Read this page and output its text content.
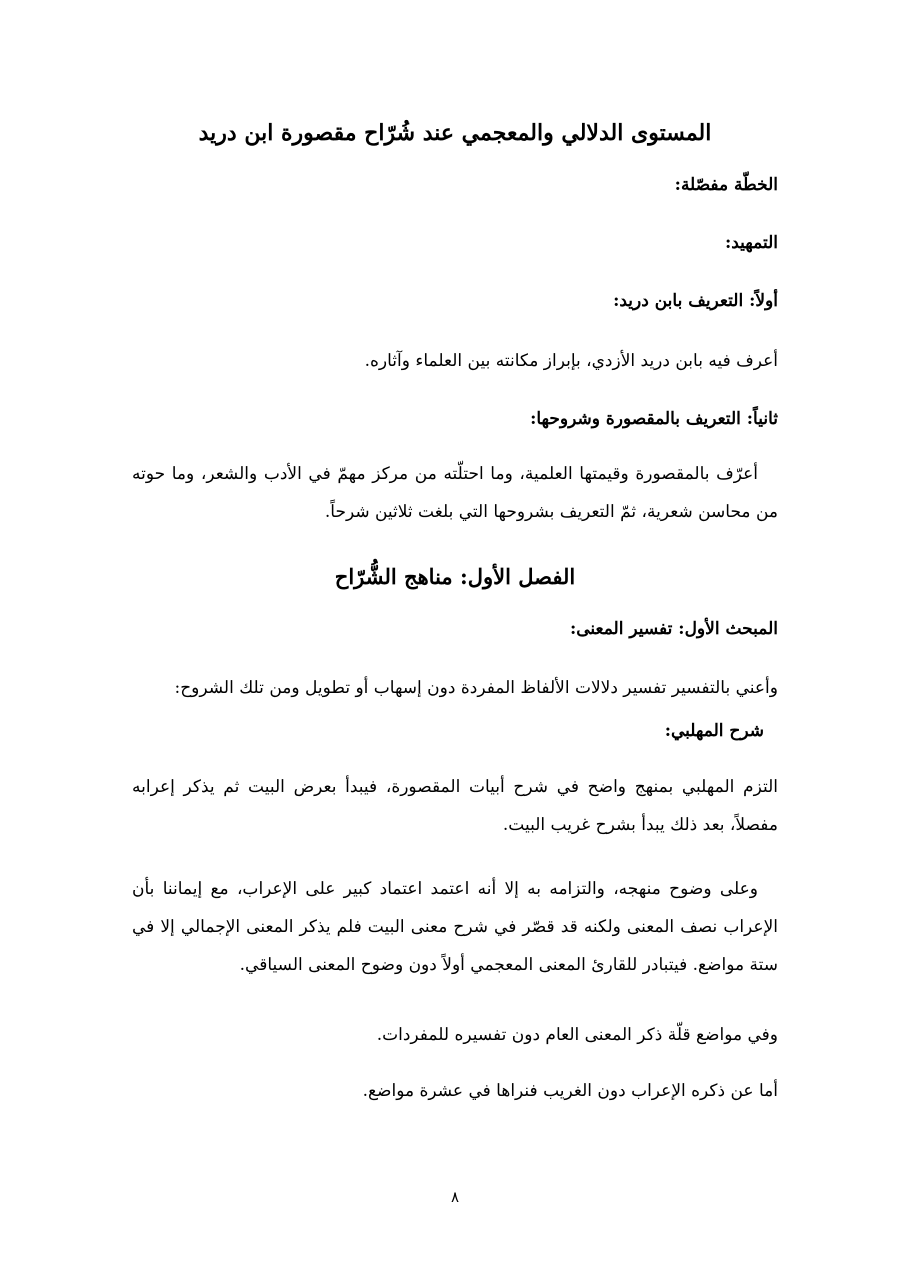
المستوى الدلالي والمعجمي عند شُرّاح مقصورة ابن دريد
الخطّة مفصّلة:
التمهيد:
أولاً: التعريف بابن دريد:
أعرف فيه بابن دريد الأزدي، بإبراز مكانته بين العلماء وآثاره.
ثانياً: التعريف بالمقصورة وشروحها:
أعرّف بالمقصورة وقيمتها العلمية، وما احتلّته من مركز مهمّ في الأدب والشعر، وما حوته من محاسن شعرية، ثمّ التعريف بشروحها التي بلغت ثلاثين شرحاً.
الفصل الأول: مناهج الشُّرّاح
المبحث الأول: تفسير المعنى:
وأعني بالتفسير تفسير دلالات الألفاظ المفردة دون إسهاب أو تطويل ومن تلك الشروح:
شرح المهلبي:
التزم المهلبي بمنهج واضح في شرح أبيات المقصورة، فيبدأ بعرض البيت ثم يذكر إعرابه مفصلاً، بعد ذلك يبدأ بشرح غريب البيت.
وعلى وضوح منهجه، والتزامه به إلا أنه اعتمد اعتماد كبير على الإعراب، مع إيماننا بأن الإعراب نصف المعنى ولكنه قد قصّر في شرح معنى البيت فلم يذكر المعنى الإجمالي إلا في ستة مواضع. فيتبادر للقارئ المعنى المعجمي أولاً دون وضوح المعنى السياقي.
وفي مواضع قلّة ذكر المعنى العام دون تفسيره للمفردات.
أما عن ذكره الإعراب دون الغريب فنراها في عشرة مواضع.
٨
